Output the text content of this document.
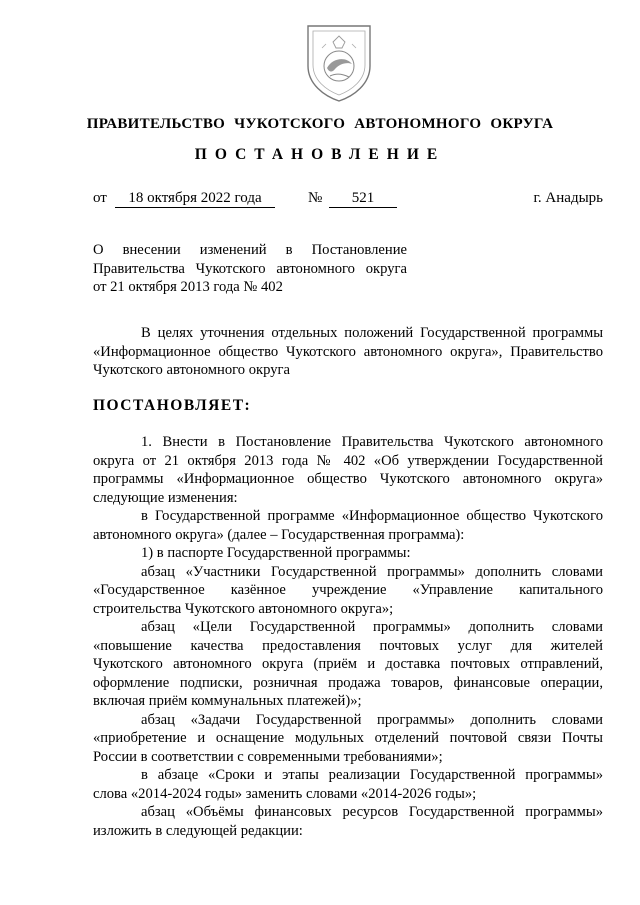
ПРАВИТЕЛЬСТВО ЧУКОТСКОГО АВТОНОМНОГО ОКРУГА
ПОСТАНОВЛЕНИЕ
от	18 октября 2022 года	№	521	г. Анадырь
О внесении изменений в Постановление
Правительства Чукотского автономного округа
от 21 октября 2013 года № 402
В целях уточнения отдельных положений Государственной программы
«Информационное общество Чукотского автономного округа», Правительство
Чукотского автономного округа
ПОСТАНОВЛЯЕТ:
1. Внести в Постановление Правительства Чукотского автономного
округа от 21 октября 2013 года № 402 «Об утверждении Государственной
программы «Информационное общество Чукотского автономного округа»
следующие изменения:
в Государственной программе «Информационное общество Чукотского
автономного округа» (далее – Государственная программа):
1) в паспорте Государственной программы:
абзац «Участники Государственной программы» дополнить словами
«Государственное казённое учреждение «Управление капитального
строительства Чукотского автономного округа»;
абзац «Цели Государственной программы» дополнить словами
«повышение качества предоставления почтовых услуг для жителей
Чукотского автономного округа (приём и доставка почтовых отправлений,
оформление подписки, розничная продажа товаров, финансовые операции,
включая приём коммунальных платежей)»;
абзац «Задачи Государственной программы» дополнить словами
«приобретение и оснащение модульных отделений почтовой связи Почты
России в соответствии с современными требованиями»;
в абзаце «Сроки и этапы реализации Государственной программы»
слова «2014-2024 годы» заменить словами «2014-2026 годы»;
абзац «Объёмы финансовых ресурсов Государственной программы»
изложить в следующей редакции:
